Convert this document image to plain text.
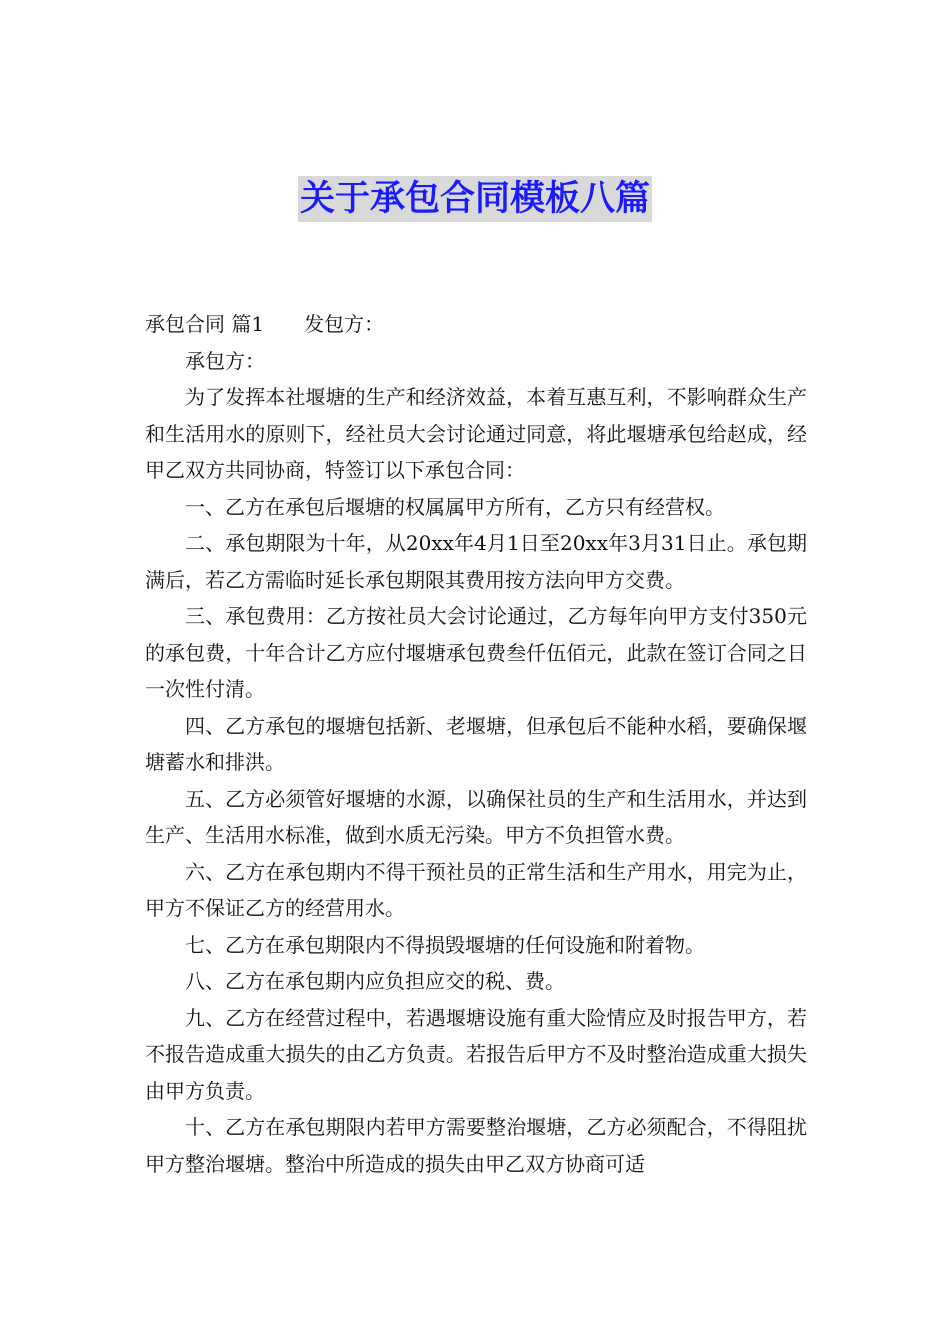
关于承包合同模板八篇

承包合同 篇1 发包方：

承包方：

为了发挥本社堰塘的生产和经济效益，本着互惠互利，不影响群众生产和生活用水的原则下，经社员大会讨论通过同意，将此堰塘承包给赵成，经甲乙双方共同协商，特签订以下承包合同：

一、乙方在承包后堰塘的权属属甲方所有，乙方只有经营权。

二、承包期限为十年，从20xx年4月1日至20xx年3月31日止。承包期满后，若乙方需临时延长承包期限其费用按方法向甲方交费。

三、承包费用：乙方按社员大会讨论通过，乙方每年向甲方支付350元的承包费，十年合计乙方应付堰塘承包费叁仟伍佰元，此款在签订合同之日一次性付清。

四、乙方承包的堰塘包括新、老堰塘，但承包后不能种水稻，要确保堰塘蓄水和排洪。

五、乙方必须管好堰塘的水源，以确保社员的生产和生活用水，并达到生产、生活用水标准，做到水质无污染。甲方不负担管水费。

六、乙方在承包期内不得干预社员的正常生活和生产用水，用完为止，甲方不保证乙方的经营用水。

七、乙方在承包期限内不得损毁堰塘的任何设施和附着物。

八、乙方在承包期内应负担应交的税、费。

九、乙方在经营过程中，若遇堰塘设施有重大险情应及时报告甲方，若不报告造成重大损失的由乙方负责。若报告后甲方不及时整治造成重大损失由甲方负责。

十、乙方在承包期限内若甲方需要整治堰塘，乙方必须配合，不得阻扰甲方整治堰塘。整治中所造成的损失由甲乙双方协商可适
